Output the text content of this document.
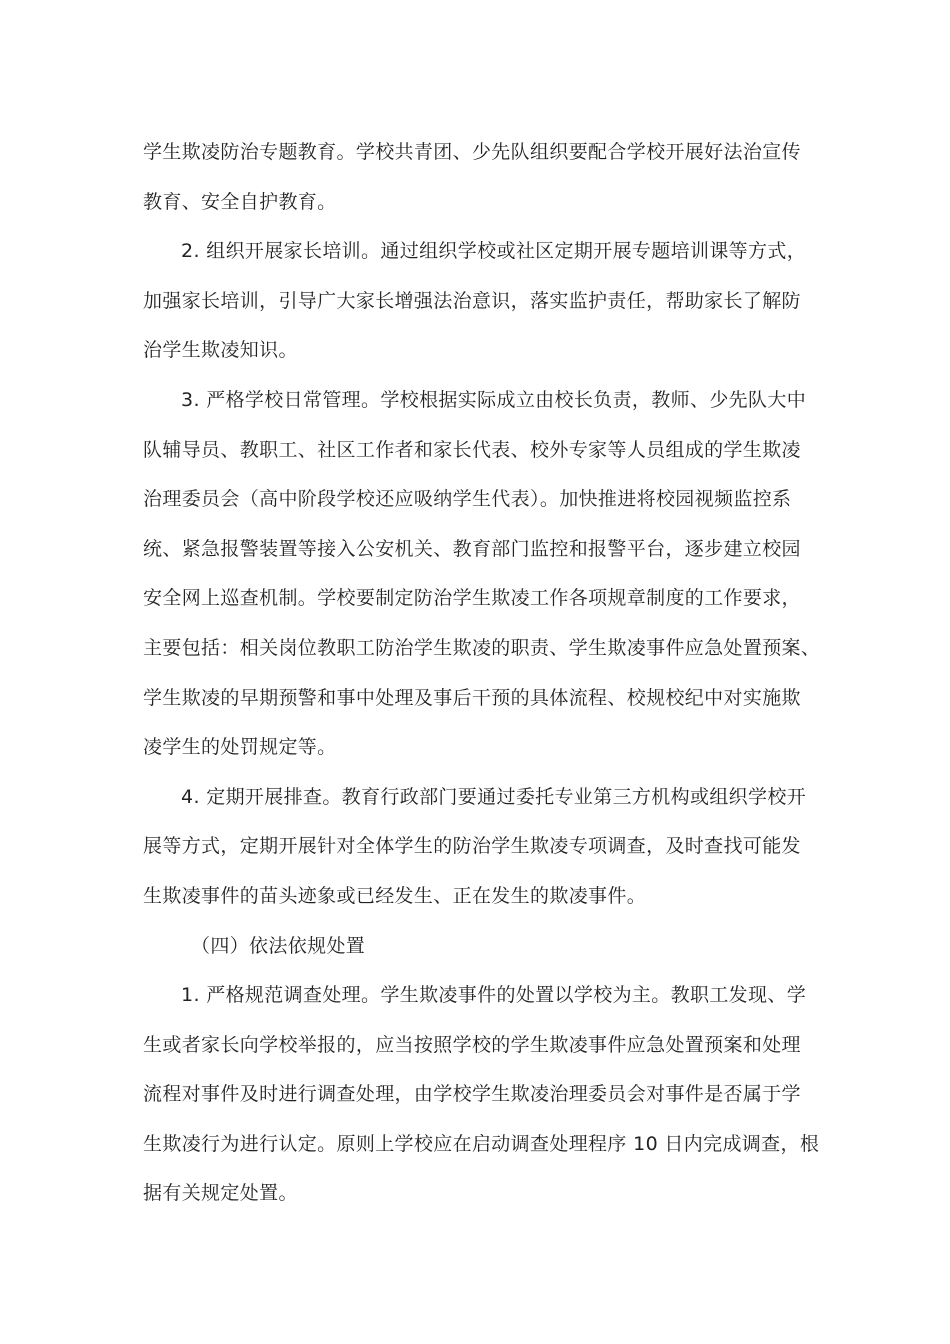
学生欺凌防治专题教育。学校共青团、少先队组织要配合学校开展好法治宣传
教育、安全自护教育。
2. 组织开展家长培训。通过组织学校或社区定期开展专题培训课等方式，
加强家长培训，引导广大家长增强法治意识，落实监护责任，帮助家长了解防
治学生欺凌知识。
3. 严格学校日常管理。学校根据实际成立由校长负责，教师、少先队大中
队辅导员、教职工、社区工作者和家长代表、校外专家等人员组成的学生欺凌
治理委员会（高中阶段学校还应吸纳学生代表）。加快推进将校园视频监控系
统、紧急报警装置等接入公安机关、教育部门监控和报警平台，逐步建立校园
安全网上巡查机制。学校要制定防治学生欺凌工作各项规章制度的工作要求，
主要包括：相关岗位教职工防治学生欺凌的职责、学生欺凌事件应急处置预案、
学生欺凌的早期预警和事中处理及事后干预的具体流程、校规校纪中对实施欺
凌学生的处罚规定等。
4. 定期开展排查。教育行政部门要通过委托专业第三方机构或组织学校开
展等方式，定期开展针对全体学生的防治学生欺凌专项调查，及时查找可能发
生欺凌事件的苗头迹象或已经发生、正在发生的欺凌事件。
（四）依法依规处置
1. 严格规范调查处理。学生欺凌事件的处置以学校为主。教职工发现、学
生或者家长向学校举报的，应当按照学校的学生欺凌事件应急处置预案和处理
流程对事件及时进行调查处理，由学校学生欺凌治理委员会对事件是否属于学
生欺凌行为进行认定。原则上学校应在启动调查处理程序 10 日内完成调查，根
据有关规定处置。
